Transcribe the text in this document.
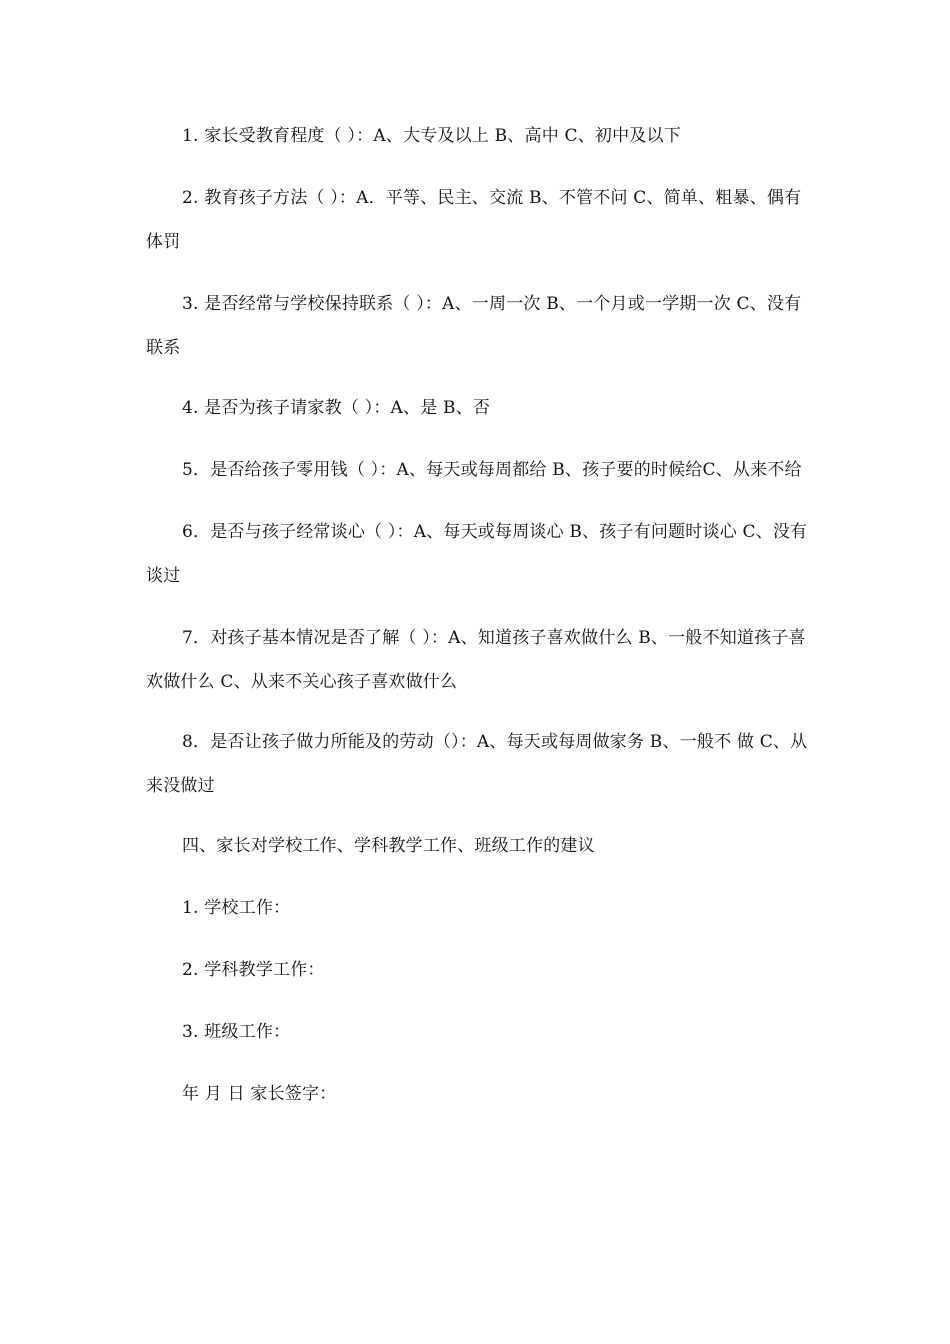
1. 家长受教育程度（ ）：A、大专及以上 B、高中 C、初中及以下

2. 教育孩子方法（ ）：A．平等、民主、交流 B、不管不问 C、简单、粗暴、偶有体罚

3. 是否经常与学校保持联系（ ）：A、一周一次 B、一个月或一学期一次 C、没有联系

4. 是否为孩子请家教（ ）：A、是 B、否

5．是否给孩子零用钱（ ）：A、每天或每周都给 B、孩子要的时候给C、从来不给

6．是否与孩子经常谈心（ ）：A、每天或每周谈心 B、孩子有问题时谈心 C、没有谈过

7．对孩子基本情况是否了解（ ）：A、知道孩子喜欢做什么 B、一般不知道孩子喜欢做什么 C、从来不关心孩子喜欢做什么

8．是否让孩子做力所能及的劳动（）：A、每天或每周做家务 B、一般不 做 C、从来没做过

四、家长对学校工作、学科教学工作、班级工作的建议

1. 学校工作：

2. 学科教学工作：

3. 班级工作：

年 月 日 家长签字：
